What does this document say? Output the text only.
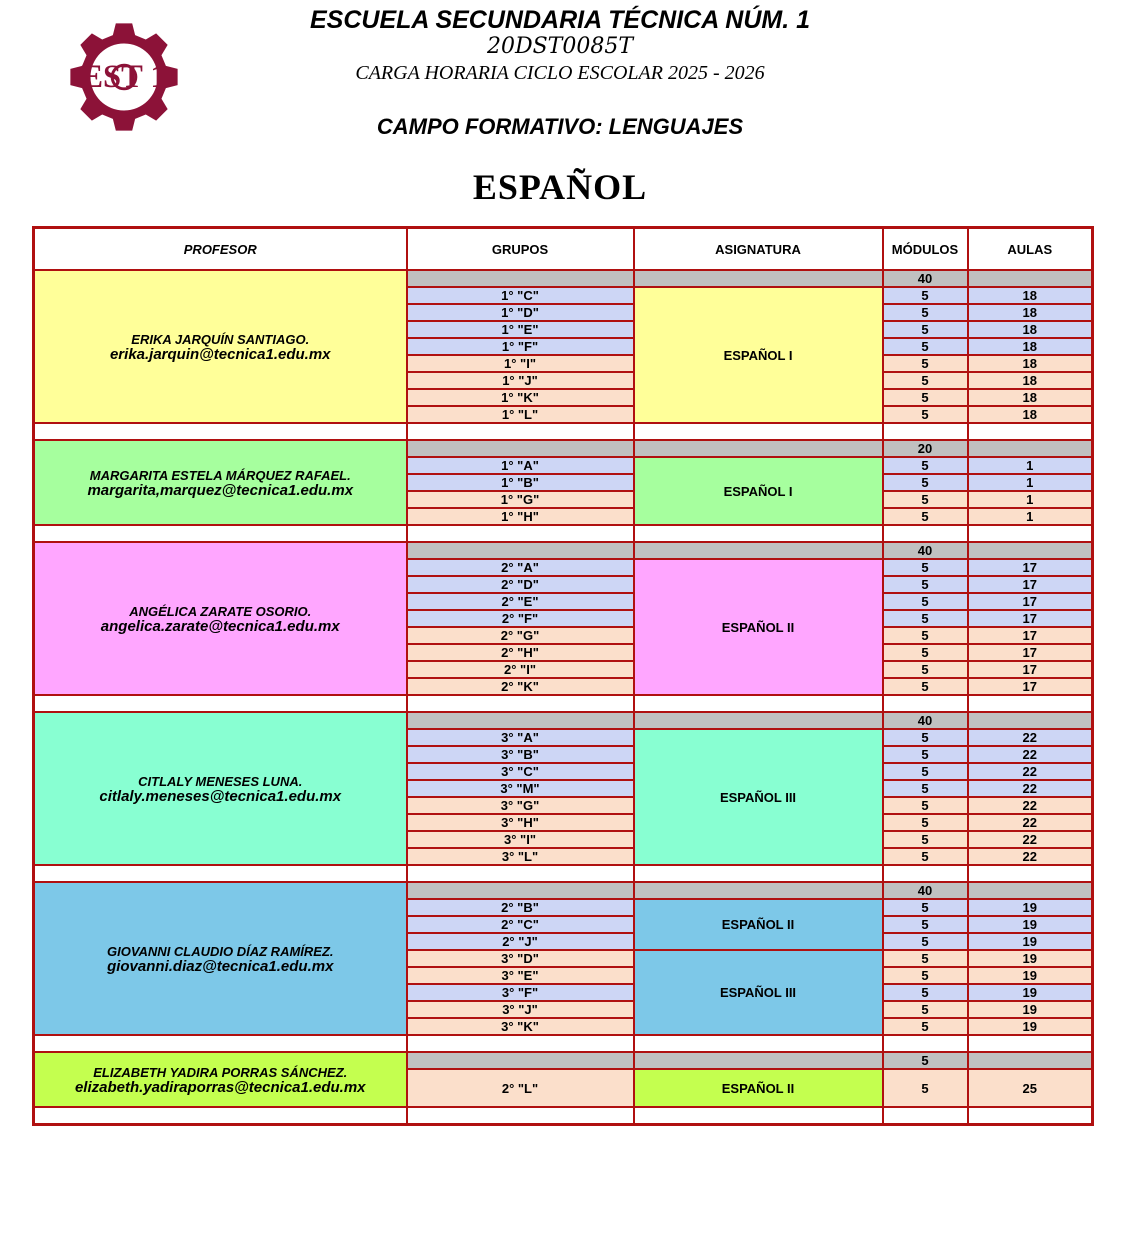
EST 1
ESCUELA SECUNDARIA TÉCNICA NÚM. 1
20DST0085T
CARGA HORARIA CICLO ESCOLAR 2025 - 2026
CAMPO FORMATIVO: LENGUAJES
ESPAÑOL
PROFESOR	GRUPOS	ASIGNATURA	MÓDULOS	AULAS

ERIKA JARQUÍN SANTIAGO.
erika.jarquin@tecnica1.edu.mx			40	
	1° "C"	ESPAÑOL I	5	18
	1° "D"		5	18
	1° "E"		5	18
	1° "F"		5	18
	1° "I"		5	18
	1° "J"		5	18
	1° "K"		5	18
	1° "L"		5	18

MARGARITA ESTELA MÁRQUEZ RAFAEL.
margarita,marquez@tecnica1.edu.mx			20	
	1° "A"	ESPAÑOL I	5	1
	1° "B"		5	1
	1° "G"		5	1
	1° "H"		5	1

ANGÉLICA ZARATE OSORIO.
angelica.zarate@tecnica1.edu.mx			40	
	2° "A"	ESPAÑOL II	5	17
	2° "D"		5	17
	2° "E"		5	17
	2° "F"		5	17
	2° "G"		5	17
	2° "H"		5	17
	2° "I"		5	17
	2° "K"		5	17

CITLALY MENESES LUNA.
citlaly.meneses@tecnica1.edu.mx			40	
	3° "A"	ESPAÑOL III	5	22
	3° "B"		5	22
	3° "C"		5	22
	3° "M"		5	22
	3° "G"		5	22
	3° "H"		5	22
	3° "I"		5	22
	3° "L"		5	22

GIOVANNI CLAUDIO DÍAZ RAMÍREZ.
giovanni.diaz@tecnica1.edu.mx			40	
	2° "B"	ESPAÑOL II	5	19
	2° "C"		5	19
	2° "J"		5	19
	3° "D"	ESPAÑOL III	5	19
	3° "E"		5	19
	3° "F"		5	19
	3° "J"		5	19
	3° "K"		5	19

ELIZABETH YADIRA PORRAS SÁNCHEZ.
elizabeth.yadiraporras@tecnica1.edu.mx			5	
	2° "L"	ESPAÑOL II	5	25
